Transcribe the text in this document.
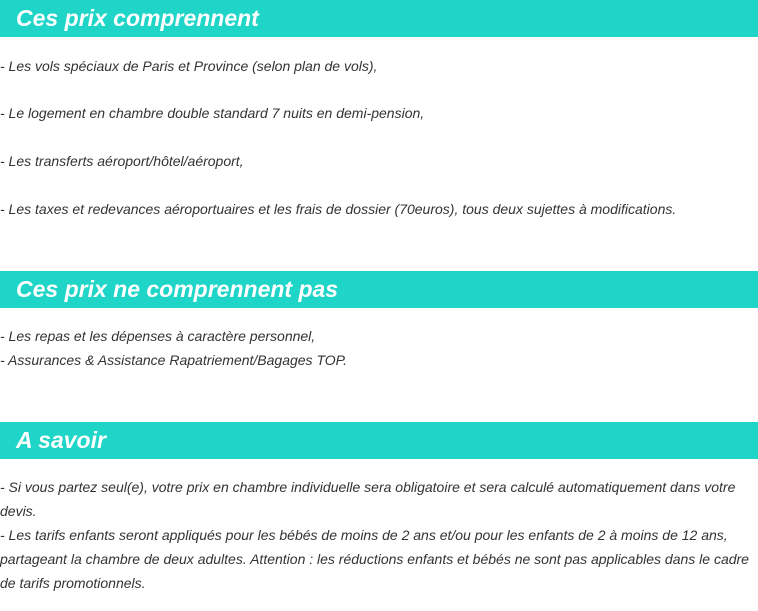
Ces prix comprennent

- Les vols spéciaux de Paris et Province (selon plan de vols),

- Le logement en chambre double standard 7 nuits en demi-pension,

- Les transferts aéroport/hôtel/aéroport,

- Les taxes et redevances aéroportuaires et les frais de dossier (70euros), tous deux sujettes à modifications.

Ces prix ne comprennent pas

- Les repas et les dépenses à caractère personnel,

- Assurances & Assistance Rapatriement/Bagages TOP.

A savoir

- Si vous partez seul(e), votre prix en chambre individuelle sera obligatoire et sera calculé automatiquement dans votre devis.

- Les tarifs enfants seront appliqués pour les bébés de moins de 2 ans et/ou pour les enfants de 2 à moins de 12 ans, partageant la chambre de deux adultes. Attention : les réductions enfants et bébés ne sont pas applicables dans le cadre de tarifs promotionnels.
